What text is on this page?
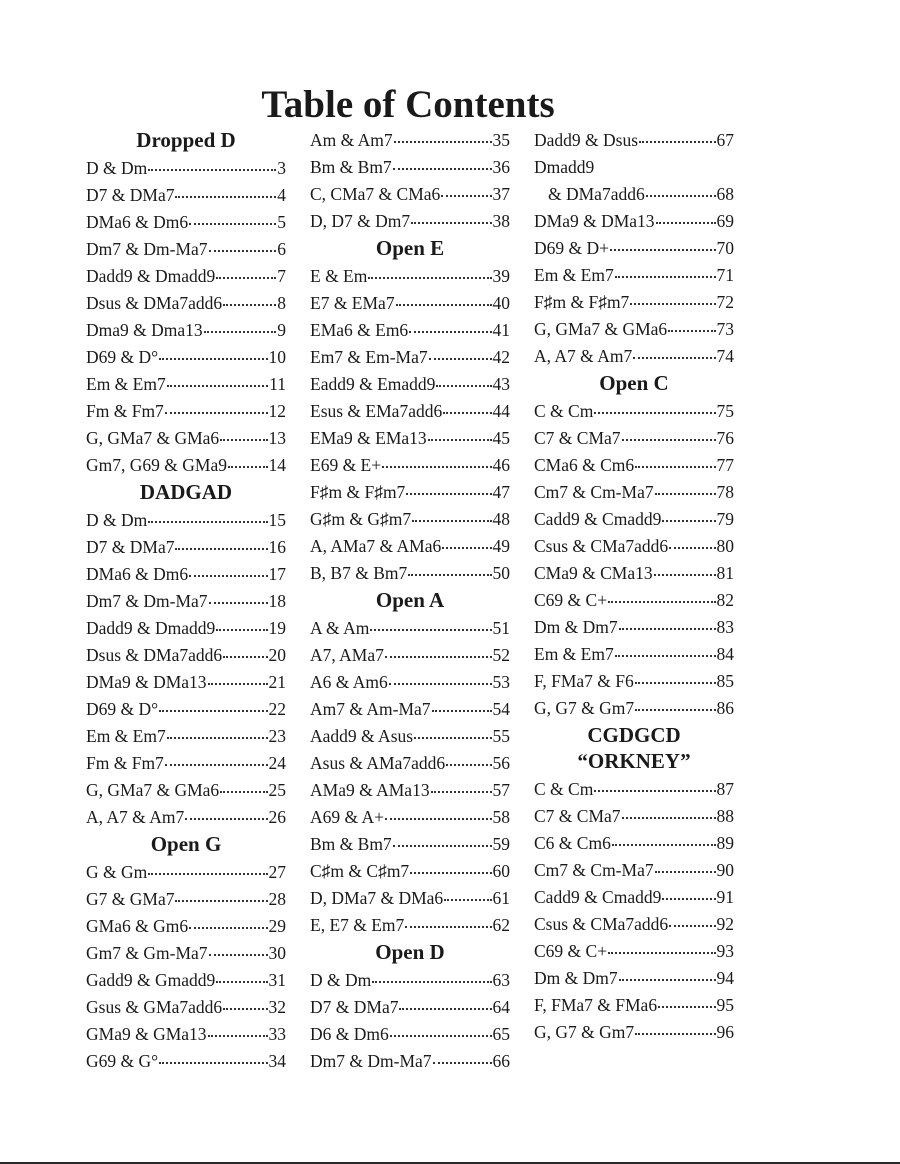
Table of Contents
Dropped D
D & Dm	3
D7 & DMa7	4
DMa6 & Dm6	5
Dm7 & Dm-Ma7	6
Dadd9 & Dmadd9	7
Dsus & DMa7add6	8
Dma9 & Dma13	9
D69 & D°	10
Em & Em7	11
Fm & Fm7	12
G, GMa7 & GMa6	13
Gm7, G69 & GMa9 14
DADGAD
D & Dm	15
D7 & DMa7	16
DMa6 & Dm6	17
Dm7 & Dm-Ma7	18
Dadd9 & Dmadd9	19
Dsus & DMa7add6	20
DMa9 & DMa13	21
D69 & D°	22
Em & Em7	23
Fm & Fm7	24
G, GMa7 & GMa6	25
A, A7 & Am7	26
Open G
G & Gm	27
G7 & GMa7	28
GMa6 & Gm6	29
Gm7 & Gm-Ma7	30
Gadd9 & Gmadd9	31
Gsus & GMa7add6	32
GMa9 & GMa13	33
G69 & G°	34
Am & Am7	35
Bm & Bm7	36
C, CMa7 & CMa6	37
D, D7 & Dm7	38
Open E
E & Em	39
E7 & EMa7	40
EMa6 & Em6	41
Em7 & Em-Ma7	42
Eadd9 & Emadd9	43
Esus & EMa7add6	44
EMa9 & EMa13	45
E69 & E+	46
F♯m & F♯m7	47
G♯m & G♯m7	48
A, AMa7 & AMa6	49
B, B7 & Bm7	50
Open A
A & Am	51
A7, AMa7	52
A6 & Am6	53
Am7 & Am-Ma7	54
Aadd9 & Asus	55
Asus & AMa7add6	56
AMa9 & AMa13	57
A69 & A+	58
Bm & Bm7	59
C♯m & C♯m7	60
D, DMa7 & DMa6	61
E, E7 & Em7	62
Open D
D & Dm	63
D7 & DMa7	64
D6 & Dm6	65
Dm7 & Dm-Ma7	66
Dadd9 & Dsus	67
Dmadd9
& DMa7add6	68
DMa9 & DMa13	69
D69 & D+	70
Em & Em7	71
F♯m & F♯m7	72
G, GMa7 & GMa6	73
A, A7 & Am7	74
Open C
C & Cm	75
C7 & CMa7	76
CMa6 & Cm6	77
Cm7 & Cm-Ma7	78
Cadd9 & Cmadd9	79
Csus & CMa7add6	80
CMa9 & CMa13	81
C69 & C+	82
Dm & Dm7	83
Em & Em7	84
F, FMa7 & F6	85
G, G7 & Gm7	86
CGDGCD
“ORKNEY”
C & Cm	87
C7 & CMa7	88
C6 & Cm6	89
Cm7 & Cm-Ma7	90
Cadd9 & Cmadd9	91
Csus & CMa7add6	92
C69 & C+	93
Dm & Dm7	94
F, FMa7 & FMa6	95
G, G7 & Gm7	96
